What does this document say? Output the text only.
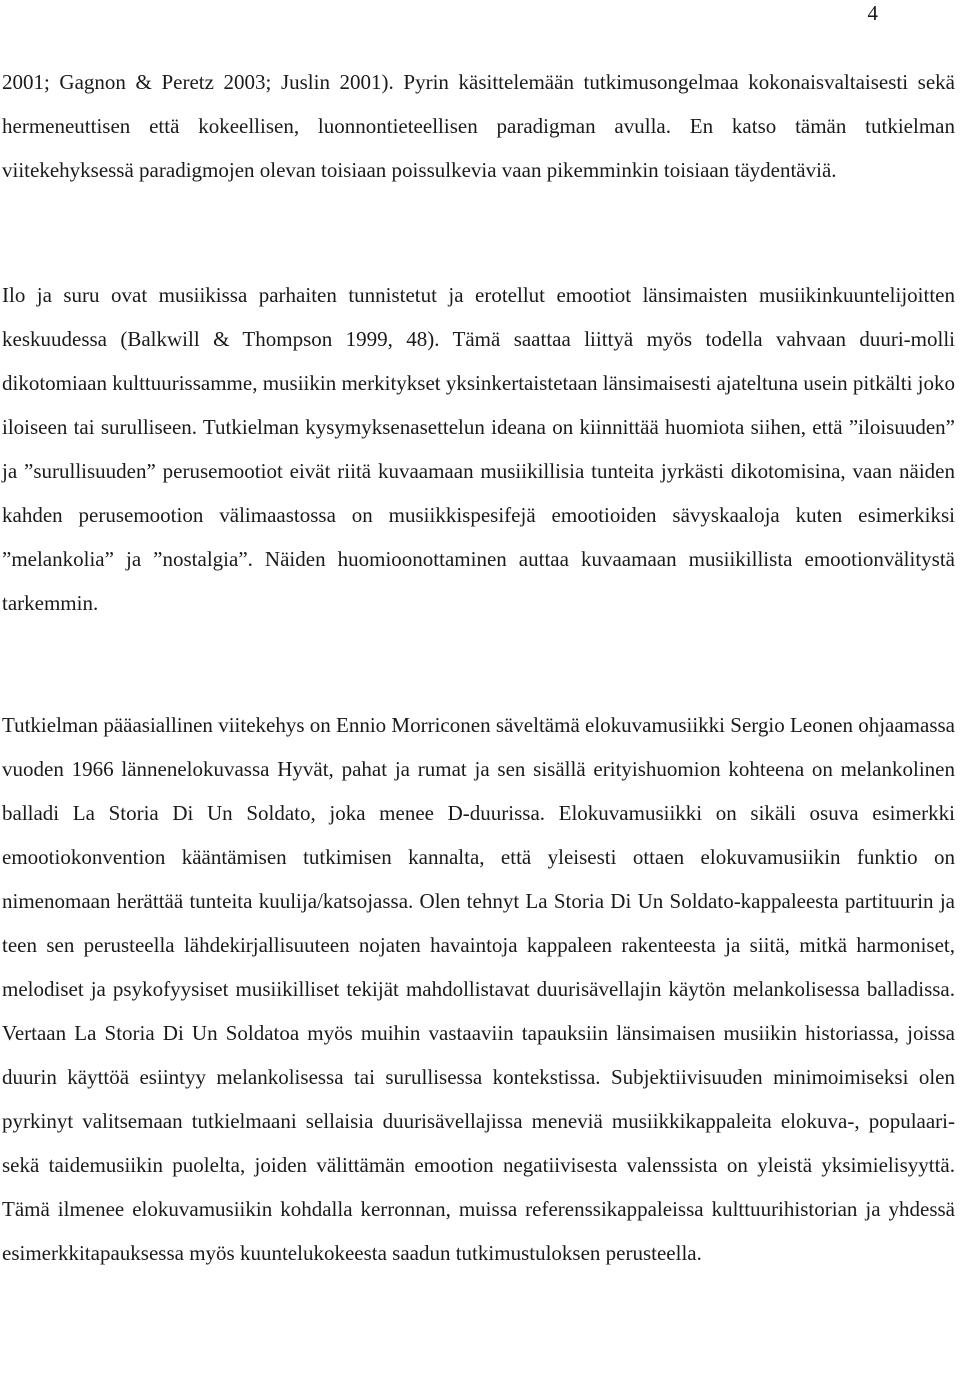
4

2001; Gagnon & Peretz 2003; Juslin 2001). Pyrin käsittelemään tutkimusongelmaa kokonaisvaltaisesti sekä hermeneuttisen että kokeellisen, luonnontieteellisen paradigman avulla. En katso tämän tutkielman viitekehyksessä paradigmojen olevan toisiaan poissulkevia vaan pikemminkin toisiaan täydentäviä.

Ilo ja suru ovat musiikissa parhaiten tunnistetut ja erotellut emootiot länsimaisten musiikinkuuntelijoitten keskuudessa (Balkwill & Thompson 1999, 48). Tämä saattaa liittyä myös todella vahvaan duuri-molli dikotomiaan kulttuurissamme, musiikin merkitykset yksinkertaistetaan länsimaisesti ajateltuna usein pitkälti joko iloiseen tai surulliseen. Tutkielman kysymyksenasettelun ideana on kiinnittää huomiota siihen, että ”iloisuuden” ja ”surullisuuden” perusemootiot eivät riitä kuvaamaan musiikillisia tunteita jyrkästi dikotomisina, vaan näiden kahden perusemootion välimaastossa on musiikkispesifejä emootioiden sävyskaaloja kuten esimerkiksi ”melankolia” ja ”nostalgia”. Näiden huomioonottaminen auttaa kuvaamaan musiikillista emootionvälitystä tarkemmin.

Tutkielman pääasiallinen viitekehys on Ennio Morriconen säveltämä elokuvamusiikki Sergio Leonen ohjaamassa vuoden 1966 lännenelokuvassa Hyvät, pahat ja rumat ja sen sisällä erityishuomion kohteena on melankolinen balladi La Storia Di Un Soldato, joka menee D-duurissa. Elokuvamusiikki on sikäli osuva esimerkki emootiokonvention kääntämisen tutkimisen kannalta, että yleisesti ottaen elokuvamusiikin funktio on nimenomaan herättää tunteita kuulija/katsojassa. Olen tehnyt La Storia Di Un Soldato-kappaleesta partituurin ja teen sen perusteella lähdekirjallisuuteen nojaten havaintoja kappaleen rakenteesta ja siitä, mitkä harmoniset, melodiset ja psykofyysiset musiikilliset tekijät mahdollistavat duurisävellajin käytön melankolisessa balladissa. Vertaan La Storia Di Un Soldatoa myös muihin vastaaviin tapauksiin länsimaisen musiikin historiassa, joissa duurin käyttöä esiintyy melankolisessa tai surullisessa kontekstissa. Subjektiivisuuden minimoimiseksi olen pyrkinyt valitsemaan tutkielmaani sellaisia duurisävellajissa meneviä musiikkikappaleita elokuva-, populaari- sekä taidemusiikin puolelta, joiden välittämän emootion negatiivisesta valenssista on yleistä yksimielisyyttä. Tämä ilmenee elokuvamusiikin kohdalla kerronnan, muissa referenssikappaleissa kulttuurihistorian ja yhdessä esimerkkitapauksessa myös kuuntelukokeesta saadun tutkimustuloksen perusteella.
